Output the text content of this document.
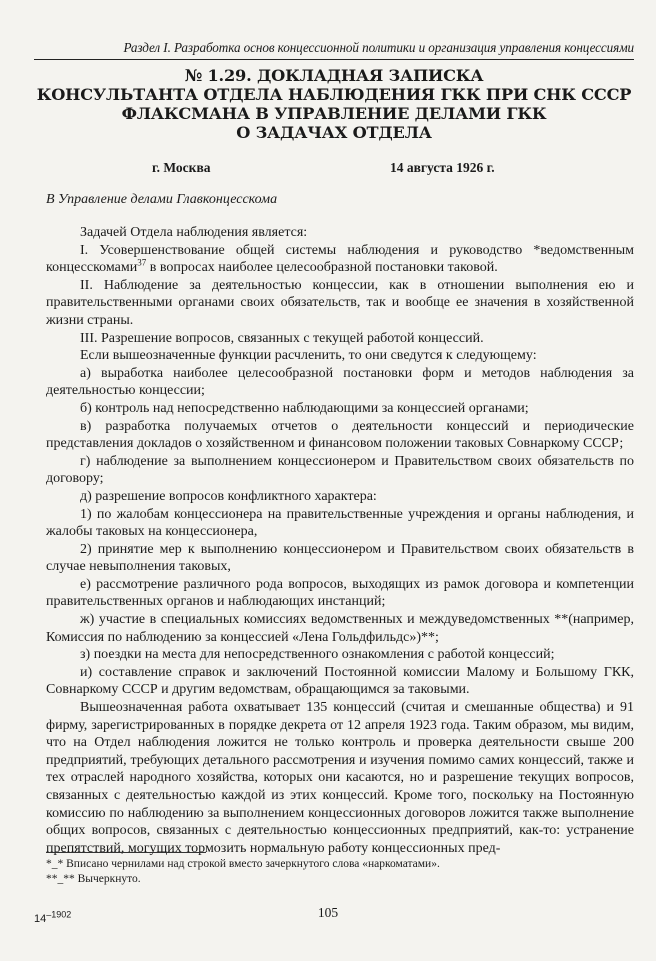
Раздел I. Разработка основ концессионной политики и организация управления концессиями
№ 1.29. ДОКЛАДНАЯ ЗАПИСКА
КОНСУЛЬТАНТА ОТДЕЛА НАБЛЮДЕНИЯ ГКК ПРИ СНК СССР
ФЛАКСМАНА В УПРАВЛЕНИЕ ДЕЛАМИ ГКК
О ЗАДАЧАХ ОТДЕЛА
г. Москва	14 августа 1926 г.
В Управление делами Главконцесскома

Задачей Отдела наблюдения является:

I. Усовершенствование общей системы наблюдения и руководство *ведомственным концесскомами$^{37}$ в вопросах наиболее целесообразной постановки таковой.

II. Наблюдение за деятельностью концессии, как в отношении выполнения ею и правительственными органами своих обязательств, так и вообще ее значения в хозяйственной жизни страны.

III. Разрешение вопросов, связанных с текущей работой концессий.

Если вышеозначенные функции расчленить, то они сведутся к следующему:

а) выработка наиболее целесообразной постановки форм и методов наблюдения за деятельностью концессии;

б) контроль над непосредственно наблюдающими за концессией органами;

в) разработка получаемых отчетов о деятельности концессий и периодические представления докладов о хозяйственном и финансовом положении таковых Совнаркому СССР;

г) наблюдение за выполнением концессионером и Правительством своих обязательств по договору;

д) разрешение вопросов конфликтного характера:

1) по жалобам концессионера на правительственные учреждения и органы наблюдения, и жалобы таковых на концессионера,

2) принятие мер к выполнению концессионером и Правительством своих обязательств в случае невыполнения таковых,

е) рассмотрение различного рода вопросов, выходящих из рамок договора и компетенции правительственных органов и наблюдающих инстанций;

ж) участие в специальных комиссиях ведомственных и междуведомственных **(например, Комиссия по наблюдению за концессией «Лена Гольдфильдс»)**;

з) поездки на места для непосредственного ознакомления с работой концессий;

и) составление справок и заключений Постоянной комиссии Малому и Большому ГКК, Совнаркому СССР и другим ведомствам, обращающимся за таковыми.

Вышеозначенная работа охватывает 135 концессий (считая и смешанные общества) и 91 фирму, зарегистрированных в порядке декрета от 12 апреля 1923 года. Таким образом, мы видим, что на Отдел наблюдения ложится не только контроль и проверка деятельности свыше 200 предприятий, требующих детального рассмотрения и изучения помимо самих концессий, также и тех отраслей народного хозяйства, которых они касаются, но и разрешение текущих вопросов, связанных с деятельностью каждой из этих концессий. Кроме того, поскольку на Постоянную комиссию по наблюдению за выполнением концессионных договоров ложится также выполнение общих вопросов, связанных с деятельностью концессионных предприятий, как-то: устранение препятствий, могущих тормозить нормальную работу концессионных пред-

*_* Вписано чернилами над строкой вместо зачеркнутого слова «наркоматами».
**_** Вычеркнуто.
$14^{-1902}$	105
